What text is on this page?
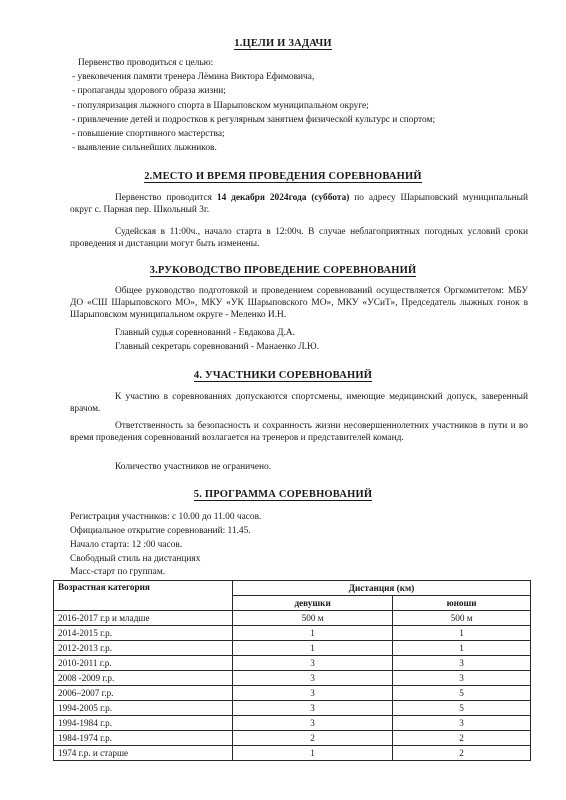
1.ЦЕЛИ И ЗАДАЧИ
Первенство проводиться с целью:
- увековечения памяти тренера Лёмина Виктора Ефимовича,
- пропаганды здорового образа жизни;
- популяризация лыжного спорта в Шарыповском муниципальном округе;
- привлечение детей и подростков к регулярным занятием физической культурс и спортом;
- повышение спортивного мастерства;
- выявление сильнейших лыжников.
2.МЕСТО И ВРЕМЯ ПРОВЕДЕНИЯ СОРЕВНОВАНИЙ
Первенство проводится 14 декабря 2024года (суббота) по адресу Шарыповский муниципальный округ с. Парная пер. Школьный 3г.
Судейская в 11:00ч., начало старта в 12:00ч. В случае неблагоприятных погодных условий сроки проведения и дистанции могут быть изменены.
3.РУКОВОДСТВО ПРОВЕДЕНИЕ СОРЕВНОВАНИЙ
Общее руководство подготовкой и проведением соревнований осуществляется Оргкомитетом: МБУ ДО «СШ Шарыповского МО», МКУ «УК Шарыповского МО», МКУ «УСиТ», Председатель лыжных гонок в Шарыповском муниципальном округе - Меленко И.Н.
Главный судья соревнований - Евдакова Д.А.
Главный секретарь соревнований - Манаенко Л.Ю.
4. УЧАСТНИКИ СОРЕВНОВАНИЙ
К участию в соревнованиях допускаются спортсмены, имеющие медицинский допуск, заверенный врачом.
Ответственность за безопасность и сохранность жизни несовершеннолетних участников в пути и во время проведения соревнований возлагается на тренеров и представителей команд.
Количество участников не ограничено.
5. ПРОГРАММА СОРЕВНОВАНИЙ
Регистрация участников: с 10.00 до 11.00 часов.
Официальное открытие соревнований: 11.45.
Начало старта: 12 :00 часов.
Свободный стиль на дистанциях
Масс-старт по группам.
Возрастная категория	Дистанция (км)	
	девушки	юноши
2016-2017 г.р и младше	500 м	500 м
2014-2015 г.р.	1	1
2012-2013 г.р.	1	1
2010-2011 г.р.	3	3
2008 -2009 г.р.	3	3
2006–2007 г.р.	3	5
1994-2005 г.р.	3	5
1994-1984 г.р.	3	3
1984-1974 г.р.	2	2
1974 г.р. и старше	1	2
